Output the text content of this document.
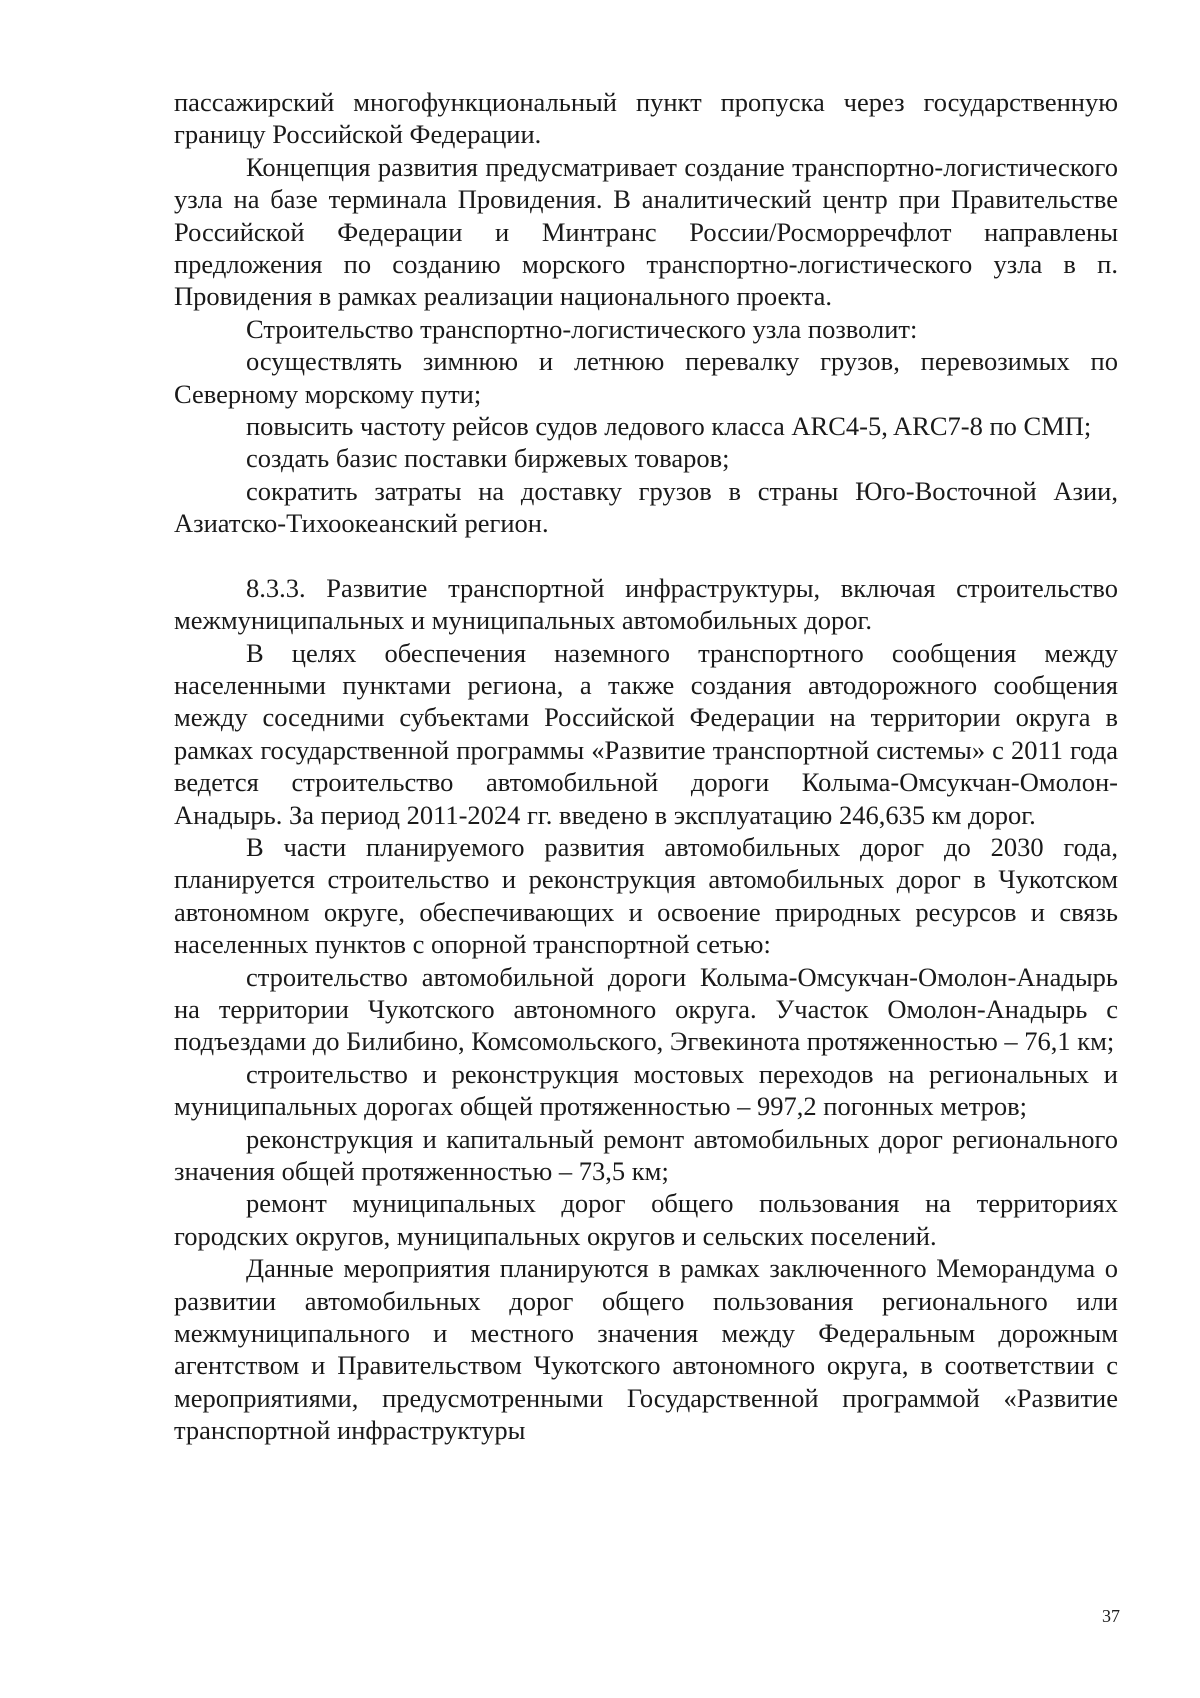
пассажирский многофункциональный пункт пропуска через государственную границу Российской Федерации.

Концепция развития предусматривает создание транспортно-логистического узла на базе терминала Провидения. В аналитический центр при Правительстве Российской Федерации и Минтранс России/Росморречфлот направлены предложения по созданию морского транспортно-логистического узла в п. Провидения в рамках реализации национального проекта.

Строительство транспортно-логистического узла позволит:

осуществлять зимнюю и летнюю перевалку грузов, перевозимых по Северному морскому пути;

повысить частоту рейсов судов ледового класса ARC4-5, ARC7-8 по СМП;

создать базис поставки биржевых товаров;

сократить затраты на доставку грузов в страны Юго-Восточной Азии, Азиатско-Тихоокеанский регион.

8.3.3. Развитие транспортной инфраструктуры, включая строительство межмуниципальных и муниципальных автомобильных дорог.

В целях обеспечения наземного транспортного сообщения между населенными пунктами региона, а также создания автодорожного сообщения между соседними субъектами Российской Федерации на территории округа в рамках государственной программы «Развитие транспортной системы» с 2011 года ведется строительство автомобильной дороги Колыма-Омсукчан-Омолон-Анадырь. За период 2011-2024 гг. введено в эксплуатацию 246,635 км дорог.

В части планируемого развития автомобильных дорог до 2030 года, планируется строительство и реконструкция автомобильных дорог в Чукотском автономном округе, обеспечивающих и освоение природных ресурсов и связь населенных пунктов с опорной транспортной сетью:

строительство автомобильной дороги Колыма-Омсукчан-Омолон-Анадырь на территории Чукотского автономного округа. Участок Омолон-Анадырь с подъездами до Билибино, Комсомольского, Эгвекинота протяженностью – 76,1 км;

строительство и реконструкция мостовых переходов на региональных и муниципальных дорогах общей протяженностью – 997,2 погонных метров;

реконструкция и капитальный ремонт автомобильных дорог регионального значения общей протяженностью – 73,5 км;

ремонт муниципальных дорог общего пользования на территориях городских округов, муниципальных округов и сельских поселений.

Данные мероприятия планируются в рамках заключенного Меморандума о развитии автомобильных дорог общего пользования регионального или межмуниципального и местного значения между Федеральным дорожным агентством и Правительством Чукотского автономного округа, в соответствии с мероприятиями, предусмотренными Государственной программой «Развитие транспортной инфраструктуры

37
